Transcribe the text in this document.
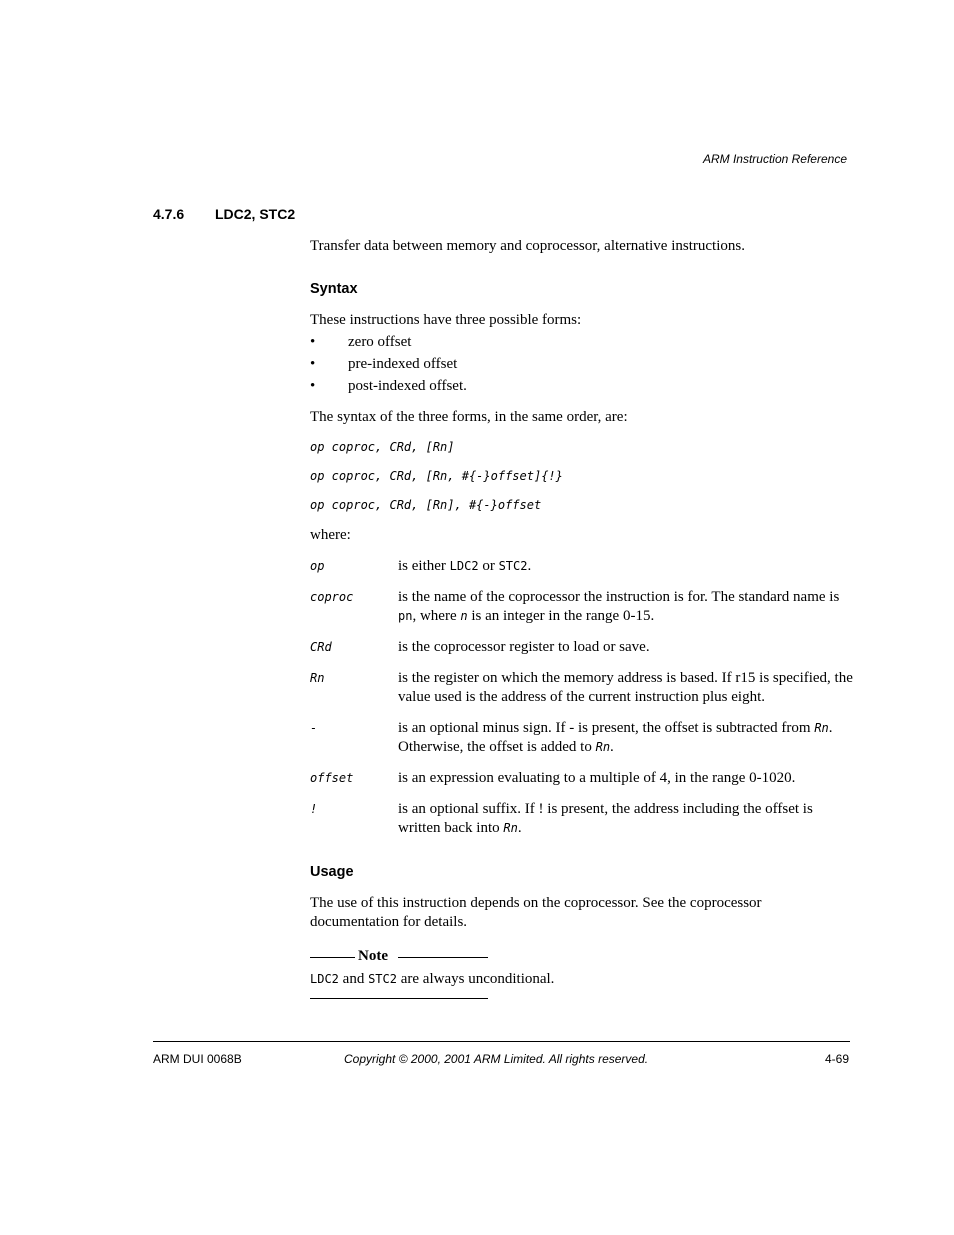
ARM Instruction Reference
4.7.6 LDC2, STC2
Transfer data between memory and coprocessor, alternative instructions.
Syntax
These instructions have three possible forms:
• zero offset
• pre-indexed offset
• post-indexed offset.
The syntax of the three forms, in the same order, are:
op coproc, CRd, [Rn]
op coproc, CRd, [Rn, #{-}offset]{!}
op coproc, CRd, [Rn], #{-}offset
where:
op	is either LDC2 or STC2.
coproc	is the name of the coprocessor the instruction is for. The standard name is pn, where n is an integer in the range 0-15.
CRd	is the coprocessor register to load or save.
Rn	is the register on which the memory address is based. If r15 is specified, the value used is the address of the current instruction plus eight.
-	is an optional minus sign. If - is present, the offset is subtracted from Rn. Otherwise, the offset is added to Rn.
offset	is an expression evaluating to a multiple of 4, in the range 0-1020.
!	is an optional suffix. If ! is present, the address including the offset is written back into Rn.
Usage
The use of this instruction depends on the coprocessor. See the coprocessor
documentation for details.
Note
LDC2 and STC2 are always unconditional.
ARM DUI 0068B	Copyright © 2000, 2001 ARM Limited. All rights reserved.	4-69
